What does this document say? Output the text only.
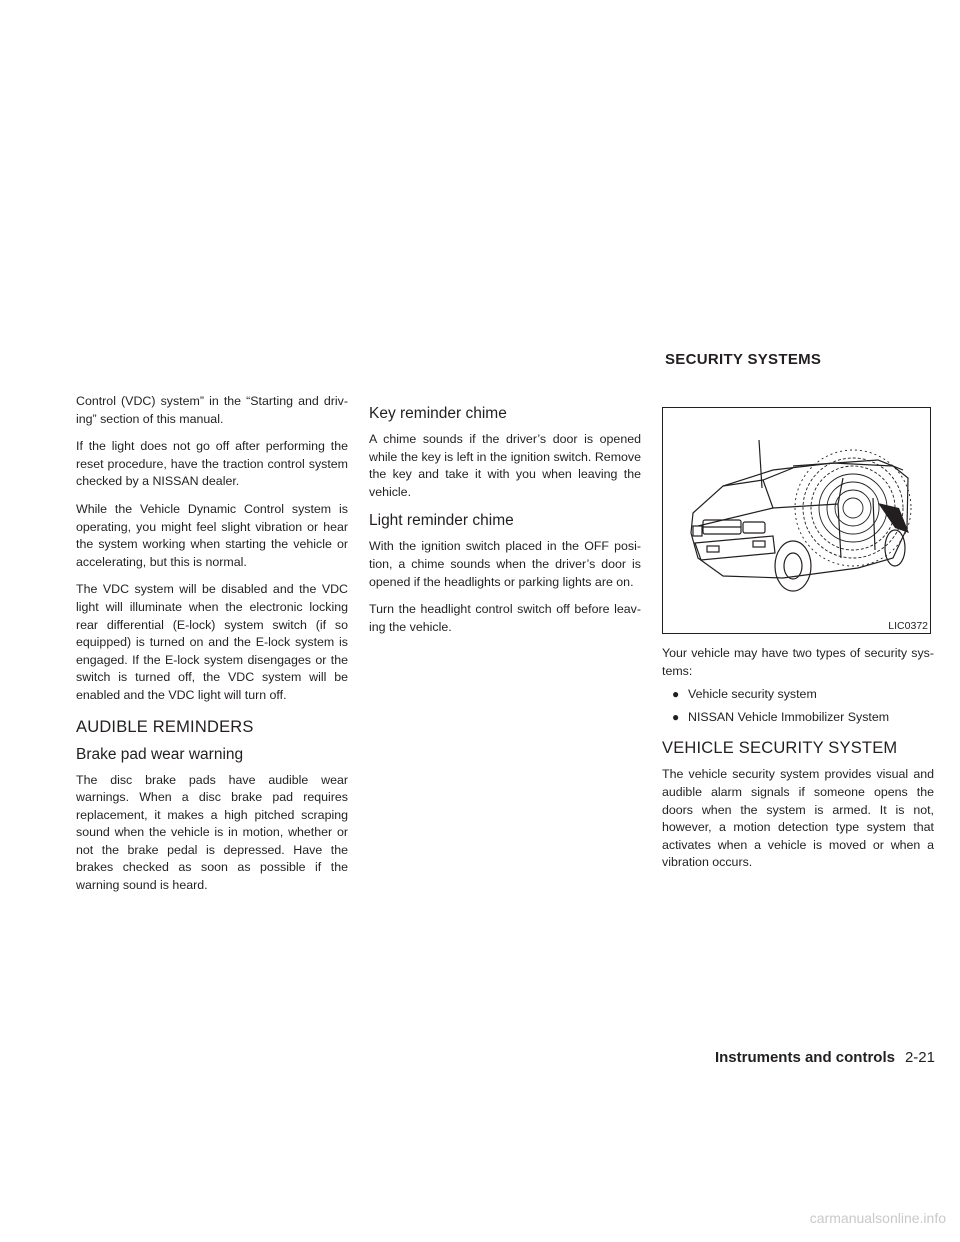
SECURITY SYSTEMS

Control (VDC) system” in the “Starting and driv-ing” section of this manual.

If the light does not go off after performing the reset procedure, have the traction control system checked by a NISSAN dealer.

While the Vehicle Dynamic Control system is operating, you might feel slight vibration or hear the system working when starting the vehicle or accelerating, but this is normal.

The VDC system will be disabled and the VDC light will illuminate when the electronic locking rear differential (E-lock) system switch (if so equipped) is turned on and the E-lock system is engaged. If the E-lock system disengages or the switch is turned off, the VDC system will be enabled and the VDC light will turn off.

AUDIBLE REMINDERS
Brake pad wear warning

The disc brake pads have audible wear warnings. When a disc brake pad requires replacement, it makes a high pitched scraping sound when the vehicle is in motion, whether or not the brake pedal is depressed. Have the brakes checked as soon as possible if the warning sound is heard.

Key reminder chime

A chime sounds if the driver’s door is opened while the key is left in the ignition switch. Remove the key and take it with you when leaving the vehicle.

Light reminder chime

With the ignition switch placed in the OFF posi-tion, a chime sounds when the driver’s door is opened if the headlights or parking lights are on.

Turn the headlight control switch off before leav-ing the vehicle.	LIC0372

Your vehicle may have two types of security sys-tems:

● Vehicle security system
● NISSAN Vehicle Immobilizer System
VEHICLE SECURITY SYSTEM

The vehicle security system provides visual and audible alarm signals if someone opens the doors when the system is armed. It is not, however, a motion detection type system that activates when a vehicle is moved or when a vibration occurs.

Instruments and controls 2-21
carmanualsonline.info
